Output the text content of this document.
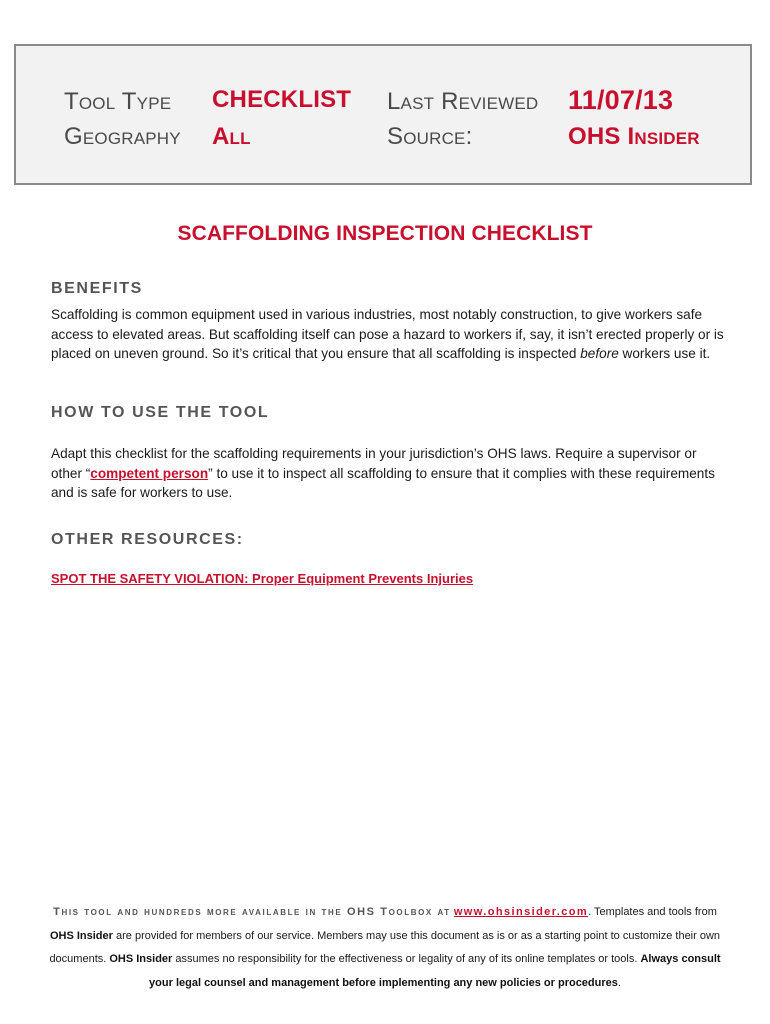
Tool Type CHECKLIST
Geography All
Last Reviewed 11/07/13
Source:	OHS Insider
SCAFFOLDING INSPECTION CHECKLIST
BENEFITS
Scaffolding is common equipment used in various industries, most notably construction, to give workers safe access to elevated areas. But scaffolding itself can pose a hazard to workers if, say, it isn’t erected properly or is placed on uneven ground. So it’s critical that you ensure that all scaffolding is inspected before workers use it.
HOW TO USE THE TOOL
Adapt this checklist for the scaffolding requirements in your jurisdiction’s OHS laws. Require a supervisor or other “competent person” to use it to inspect all scaffolding to ensure that it complies with these requirements and is safe for workers to use.
OTHER RESOURCES:
SPOT THE SAFETY VIOLATION: Proper Equipment Prevents Injuries
This tool and hundreds more available in the OHS Toolbox at www.ohsinsider.com. Templates and tools from
OHS Insider are provided for members of our service. Members may use this document as is or as a starting point to customize their own documents. OHS Insider assumes no responsibility for the effectiveness or legality of any of its online templates or tools. Always consult your legal counsel and management before implementing any new policies or procedures.
